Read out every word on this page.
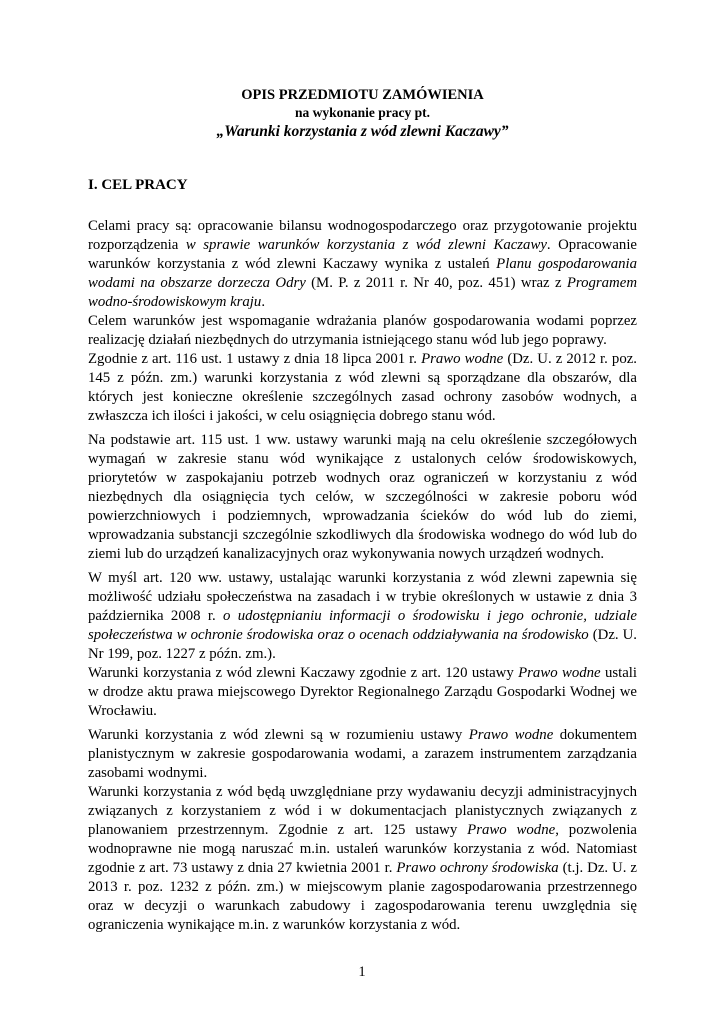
OPIS PRZEDMIOTU ZAMÓWIENIA
na wykonanie pracy pt.
„Warunki korzystania z wód zlewni Kaczawy”
I. CEL PRACY

Celami pracy są: opracowanie bilansu wodnogospodarczego oraz przygotowanie projektu rozporządzenia w sprawie warunków korzystania z wód zlewni Kaczawy. Opracowanie warunków korzystania z wód zlewni Kaczawy wynika z ustaleń Planu gospodarowania wodami na obszarze dorzecza Odry (M. P. z 2011 r. Nr 40, poz. 451) wraz z Programem wodno-środowiskowym kraju.

Celem warunków jest wspomaganie wdrażania planów gospodarowania wodami poprzez realizację działań niezbędnych do utrzymania istniejącego stanu wód lub jego poprawy.

Zgodnie z art. 116 ust. 1 ustawy z dnia 18 lipca 2001 r. Prawo wodne (Dz. U. z 2012 r. poz. 145 z późn. zm.) warunki korzystania z wód zlewni są sporządzane dla obszarów, dla których jest konieczne określenie szczególnych zasad ochrony zasobów wodnych, a zwłaszcza ich ilości i jakości, w celu osiągnięcia dobrego stanu wód.

Na podstawie art. 115 ust. 1 ww. ustawy warunki mają na celu określenie szczegółowych wymagań w zakresie stanu wód wynikające z ustalonych celów środowiskowych, priorytetów w zaspokajaniu potrzeb wodnych oraz ograniczeń w korzystaniu z wód niezbędnych dla osiągnięcia tych celów, w szczególności w zakresie poboru wód powierzchniowych i podziemnych, wprowadzania ścieków do wód lub do ziemi, wprowadzania substancji szczególnie szkodliwych dla środowiska wodnego do wód lub do ziemi lub do urządzeń kanalizacyjnych oraz wykonywania nowych urządzeń wodnych.

W myśl art. 120 ww. ustawy, ustalając warunki korzystania z wód zlewni zapewnia się możliwość udziału społeczeństwa na zasadach i w trybie określonych w ustawie z dnia 3 października 2008 r. o udostępnianiu informacji o środowisku i jego ochronie, udziale społeczeństwa w ochronie środowiska oraz o ocenach oddziaływania na środowisko (Dz. U. Nr 199, poz. 1227 z późn. zm.).

Warunki korzystania z wód zlewni Kaczawy zgodnie z art. 120 ustawy Prawo wodne ustali w drodze aktu prawa miejscowego Dyrektor Regionalnego Zarządu Gospodarki Wodnej we Wrocławiu.

Warunki korzystania z wód zlewni są w rozumieniu ustawy Prawo wodne dokumentem planistycznym w zakresie gospodarowania wodami, a zarazem instrumentem zarządzania zasobami wodnymi.

Warunki korzystania z wód będą uwzględniane przy wydawaniu decyzji administracyjnych związanych z korzystaniem z wód i w dokumentacjach planistycznych związanych z planowaniem przestrzennym. Zgodnie z art. 125 ustawy Prawo wodne, pozwolenia wodnoprawne nie mogą naruszać m.in. ustaleń warunków korzystania z wód. Natomiast zgodnie z art. 73 ustawy z dnia 27 kwietnia 2001 r. Prawo ochrony środowiska (t.j. Dz. U. z 2013 r. poz. 1232 z późn. zm.) w miejscowym planie zagospodarowania przestrzennego oraz w decyzji o warunkach zabudowy i zagospodarowania terenu uwzględnia się ograniczenia wynikające m.in. z warunków korzystania z wód.

1
